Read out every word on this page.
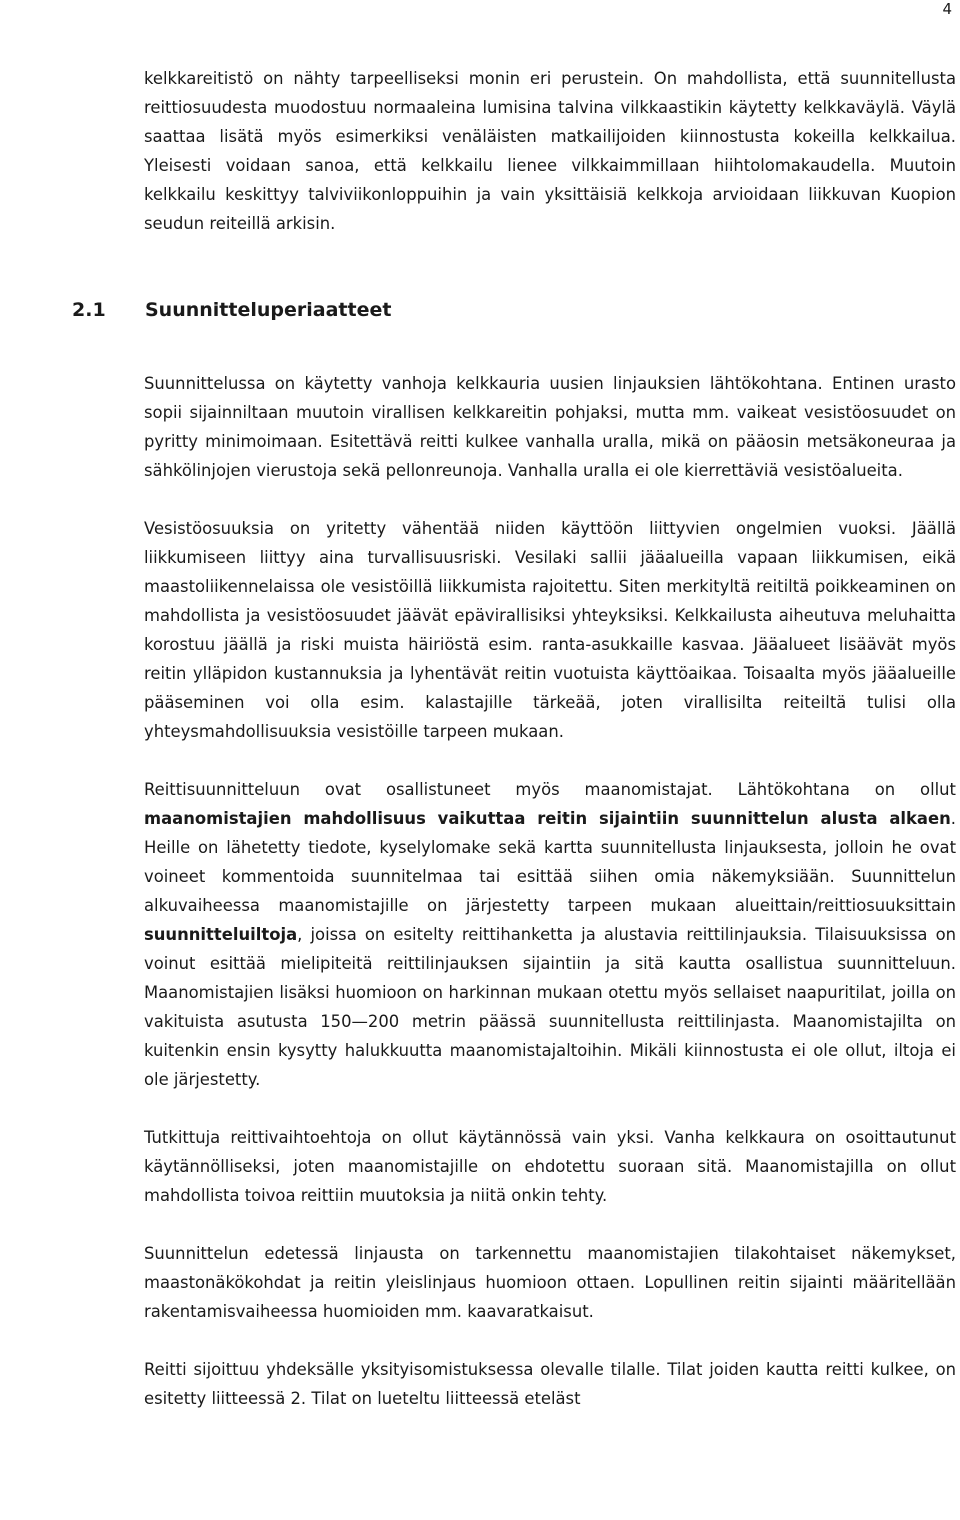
4

kelkkareitistö on nähty tarpeelliseksi monin eri perustein. On mahdollista, että suunnitellusta reittiosuudesta muodostuu normaaleina lumisina talvina vilkkaastikin käytetty kelkkaväylä. Väylä saattaa lisätä myös esimerkiksi venäläisten matkailijoiden kiinnostusta kokeilla kelkkailua. Yleisesti voidaan sanoa, että kelkkailu lienee vilkkaimmillaan hiihtolomakaudella. Muutoin kelkkailu keskittyy talviviikonloppuihin ja vain yksittäisiä kelkkoja arvioidaan liikkuvan Kuopion seudun reiteillä arkisin.

2.1	Suunnitteluperiaatteet

Suunnittelussa on käytetty vanhoja kelkkauria uusien linjauksien lähtökohtana. Entinen urasto sopii sijainniltaan muutoin virallisen kelkkareitin pohjaksi, mutta mm. vaikeat vesistöosuudet on pyritty minimoimaan. Esitettävä reitti kulkee vanhalla uralla, mikä on pääosin metsäkoneuraa ja sähkölinjojen vierustoja sekä pellonreunoja. Vanhalla uralla ei ole kierrettäviä vesistöalueita.

Vesistöosuuksia on yritetty vähentää niiden käyttöön liittyvien ongelmien vuoksi. Jäällä liikkumiseen liittyy aina turvallisuusriski. Vesilaki sallii jääalueilla vapaan liikkumisen, eikä maastoliikennelaissa ole vesistöillä liikkumista rajoitettu. Siten merkityltä reitiltä poikkeaminen on mahdollista ja vesistöosuudet jäävät epävirallisiksi yhteyksiksi. Kelkkailusta aiheutuva meluhaitta korostuu jäällä ja riski muista häiriöstä esim. ranta-asukkaille kasvaa. Jääalueet lisäävät myös reitin ylläpidon kustannuksia ja lyhentävät reitin vuotuista käyttöaikaa. Toisaalta myös jääalueille pääseminen voi olla esim. kalastajille tärkeää, joten virallisilta reiteiltä tulisi olla yhteysmahdollisuuksia vesistöille tarpeen mukaan.

Reittisuunnitteluun ovat osallistuneet myös maanomistajat. Lähtökohtana on ollut maanomistajien mahdollisuus vaikuttaa reitin sijaintiin suunnittelun alusta alkaen. Heille on lähetetty tiedote, kyselylomake sekä kartta suunnitellusta linjauksesta, jolloin he ovat voineet kommentoida suunnitelmaa tai esittää siihen omia näkemyksiään. Suunnittelun alkuvaiheessa maanomistajille on järjestetty tarpeen mukaan alueittain/reittiosuuksittain suunnitteluiltoja, joissa on esitelty reittihanketta ja alustavia reittilinjauksia. Tilaisuuksissa on voinut esittää mielipiteitä reittilinjauksen sijaintiin ja sitä kautta osallistua suunnitteluun. Maanomistajien lisäksi huomioon on harkinnan mukaan otettu myös sellaiset naapuritilat, joilla on vakituista asutusta 150—200 metrin päässä suunnitellusta reittilinjasta. Maanomistajilta on kuitenkin ensin kysytty halukkuutta maanomistajaltoihin. Mikäli kiinnostusta ei ole ollut, iltoja ei ole järjestetty.

Tutkittuja reittivaihtoehtoja on ollut käytännössä vain yksi. Vanha kelkkaura on osoittautunut käytännölliseksi, joten maanomistajille on ehdotettu suoraan sitä. Maanomistajilla on ollut mahdollista toivoa reittiin muutoksia ja niitä onkin tehty.

Suunnittelun edetessä linjausta on tarkennettu maanomistajien tilakohtaiset näkemykset, maastonäkökohdat ja reitin yleislinjaus huomioon ottaen. Lopullinen reitin sijainti määritellään rakentamisvaiheessa huomioiden mm. kaavaratkaisut.

Reitti sijoittuu yhdeksälle yksityisomistuksessa olevalle tilalle. Tilat joiden kautta reitti kulkee, on esitetty liitteessä 2. Tilat on lueteltu liitteessä eteläst
